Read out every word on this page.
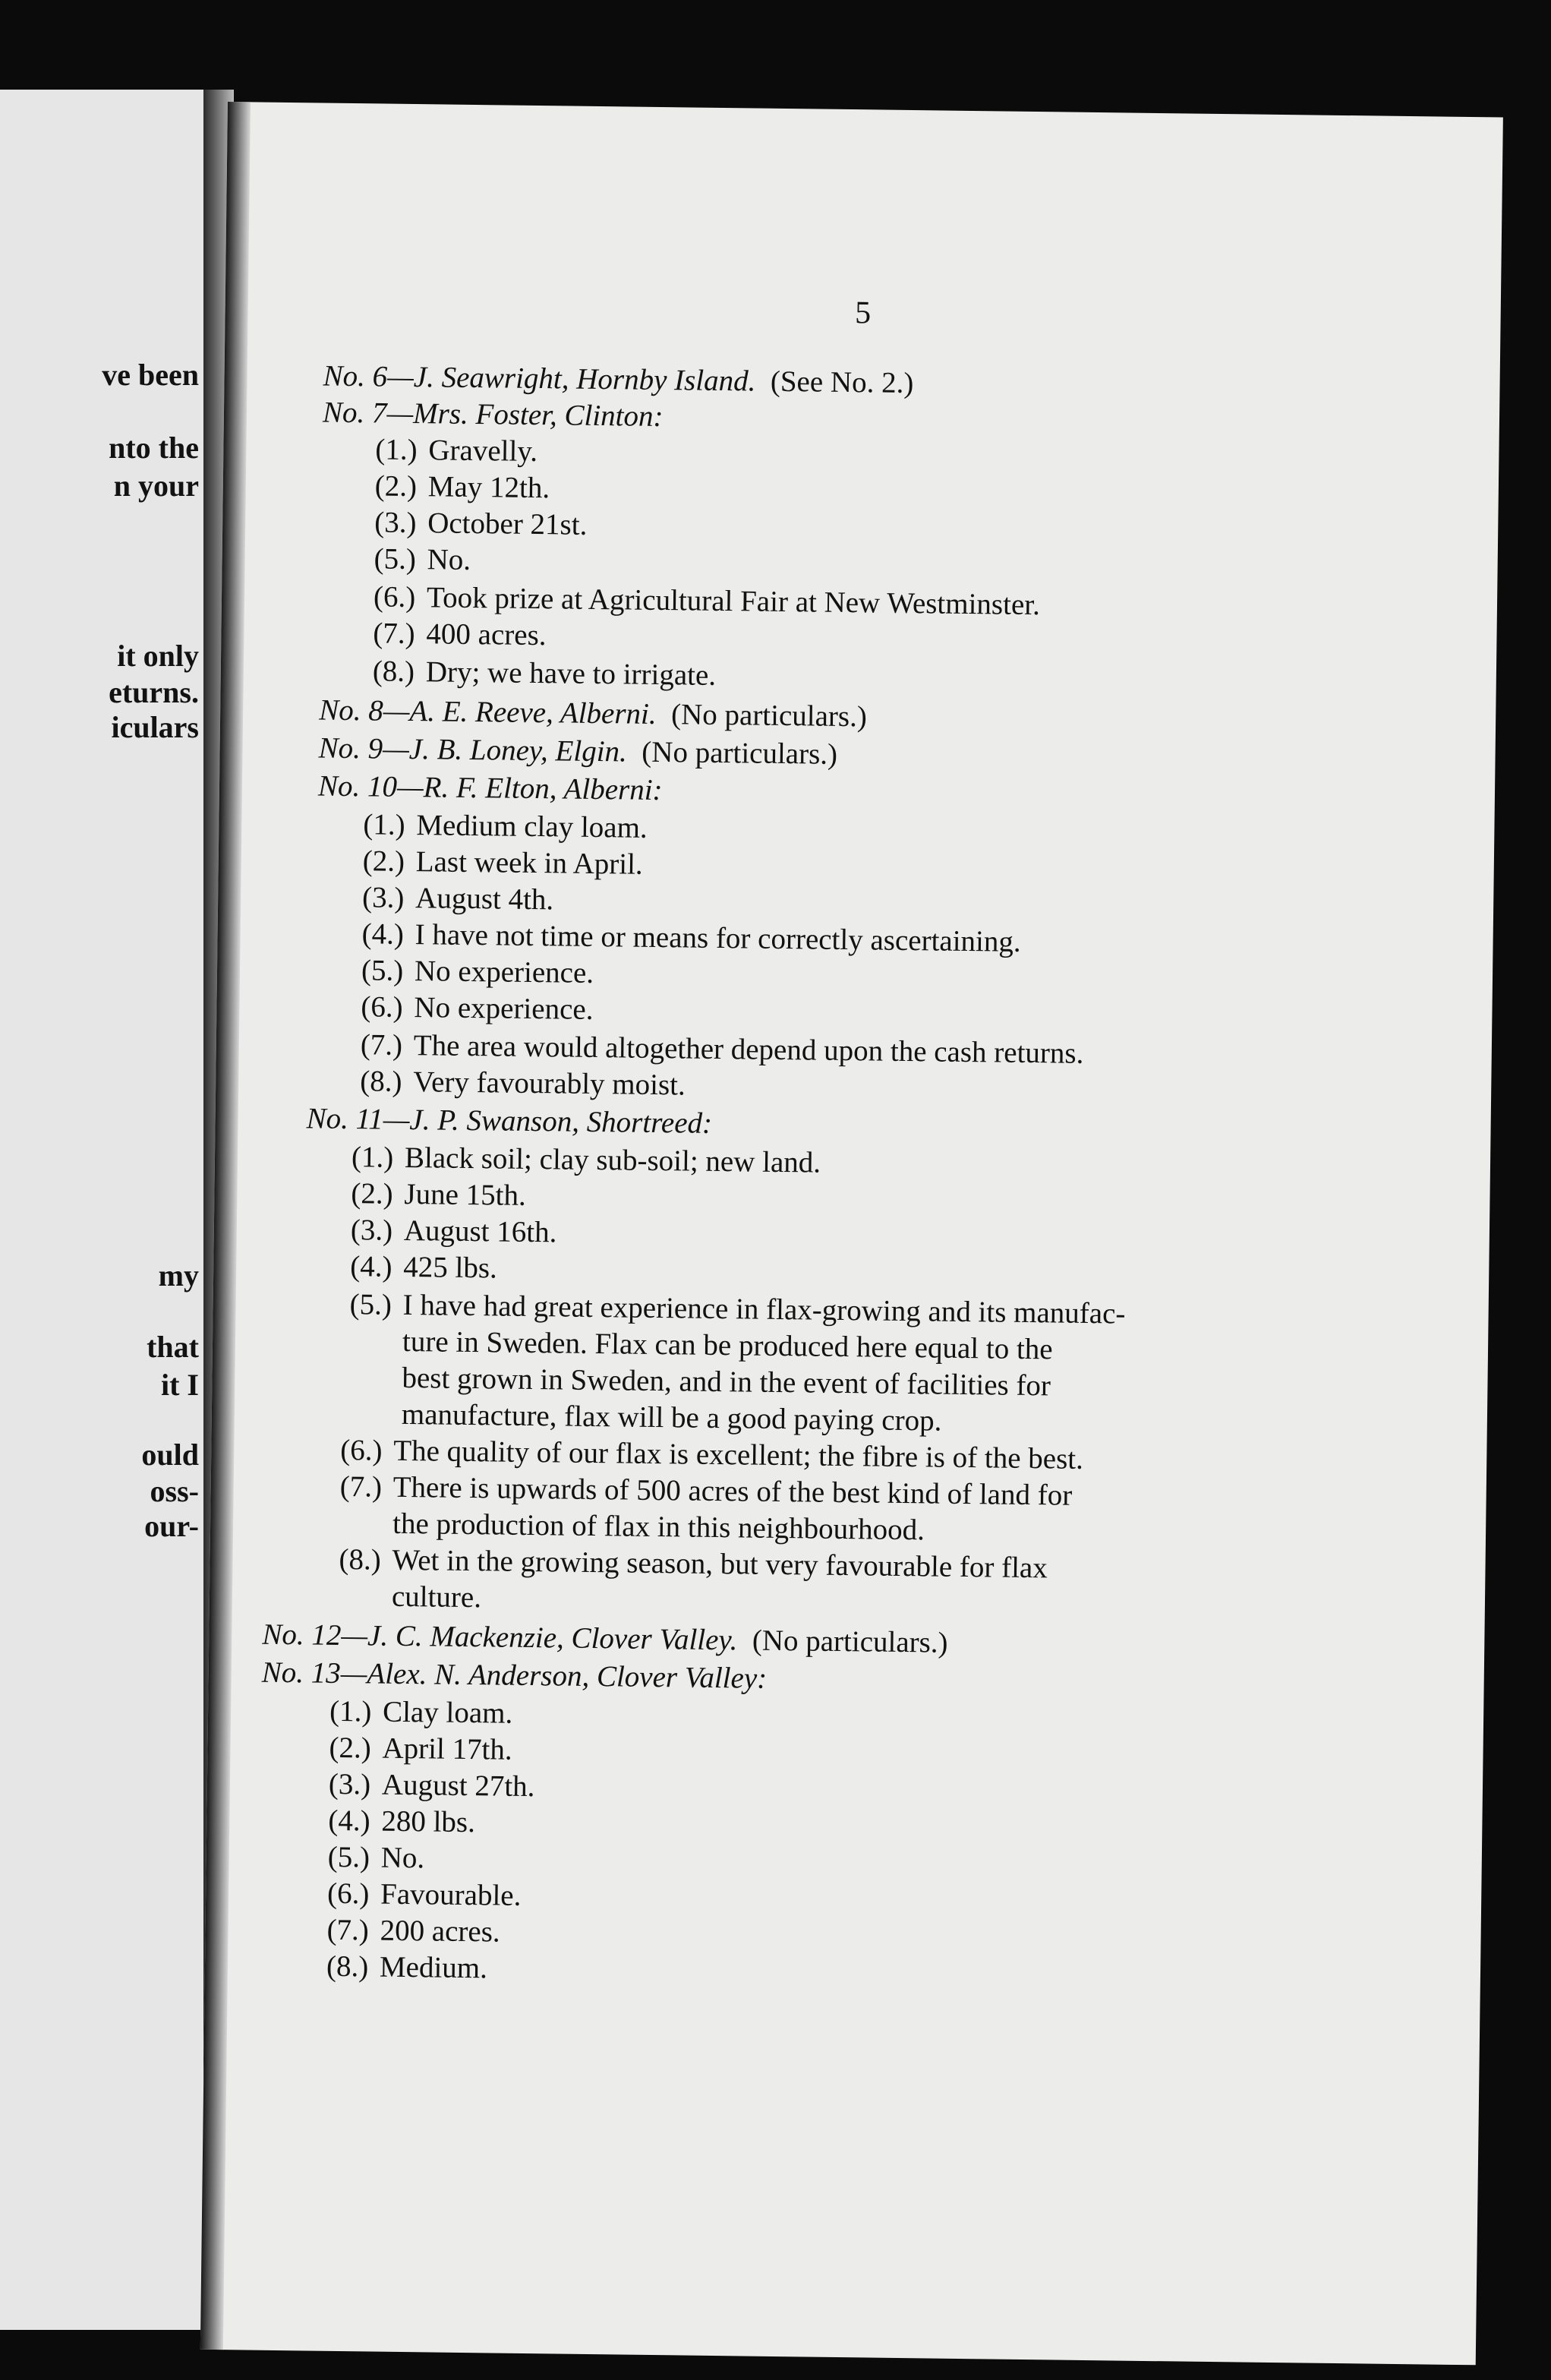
ve been
nto the
n your
it only
eturns.
iculars
my
that
it I
ould
oss-
our-
5
No. 6—J. Seawright, Hornby Island. (See No. 2.)
No. 7—Mrs. Foster, Clinton:
(1.) Gravelly.
(2.) May 12th.
(3.) October 21st.
(5.) No.
(6.) Took prize at Agricultural Fair at New Westminster.
(7.) 400 acres.
(8.) Dry; we have to irrigate.
No. 8—A. E. Reeve, Alberni. (No particulars.)
No. 9—J. B. Loney, Elgin. (No particulars.)
No. 10—R. F. Elton, Alberni:
(1.) Medium clay loam.
(2.) Last week in April.
(3.) August 4th.
(4.) I have not time or means for correctly ascertaining.
(5.) No experience.
(6.) No experience.
(7.) The area would altogether depend upon the cash returns.
(8.) Very favourably moist.
No. 11—J. P. Swanson, Shortreed:
(1.) Black soil; clay sub-soil; new land.
(2.) June 15th.
(3.) August 16th.
(4.) 425 lbs.
(5.) I have had great experience in flax-growing and its manufac-
ture in Sweden. Flax can be produced here equal to the
best grown in Sweden, and in the event of facilities for
manufacture, flax will be a good paying crop.
(6.) The quality of our flax is excellent; the fibre is of the best.
(7.) There is upwards of 500 acres of the best kind of land for
the production of flax in this neighbourhood.
(8.) Wet in the growing season, but very favourable for flax
culture.
No. 12—J. C. Mackenzie, Clover Valley. (No particulars.)
No. 13—Alex. N. Anderson, Clover Valley:
(1.) Clay loam.
(2.) April 17th.
(3.) August 27th.
(4.) 280 lbs.
(5.) No.
(6.) Favourable.
(7.) 200 acres.
(8.) Medium.
